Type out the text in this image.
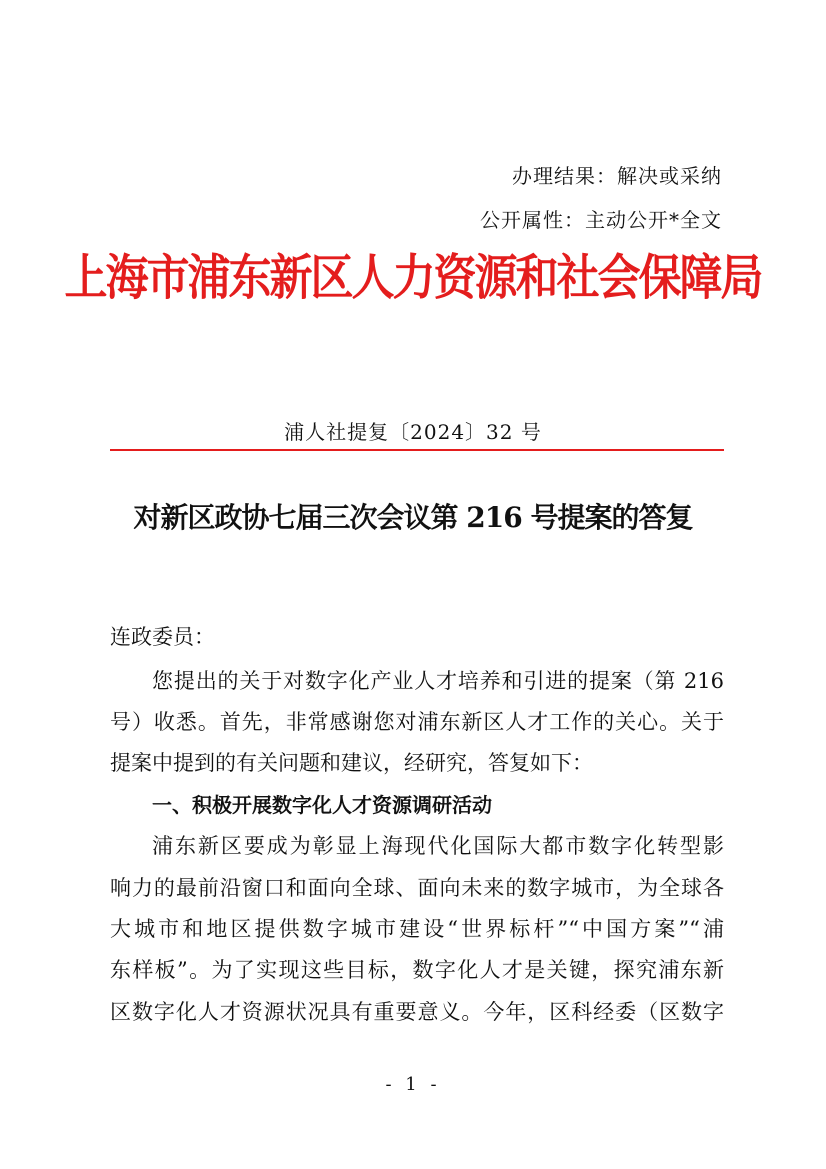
办理结果：解决或采纳
公开属性：主动公开*全文
上海市浦东新区人力资源和社会保障局
浦人社提复〔2024〕32 号
对新区政协七届三次会议第 216 号提案的答复
连政委员：
您提出的关于对数字化产业人才培养和引进的提案（第 216
号）收悉。首先，非常感谢您对浦东新区人才工作的关心。关于
提案中提到的有关问题和建议，经研究，答复如下：
一、积极开展数字化人才资源调研活动
浦东新区要成为彰显上海现代化国际大都市数字化转型影
响力的最前沿窗口和面向全球、面向未来的数字城市，为全球各
大城市和地区提供数字城市建设“世界标杆”“中国方案”“浦
东样板”。为了实现这些目标，数字化人才是关键，探究浦东新
区数字化人才资源状况具有重要意义。今年，区科经委（区数字
- 1 -
